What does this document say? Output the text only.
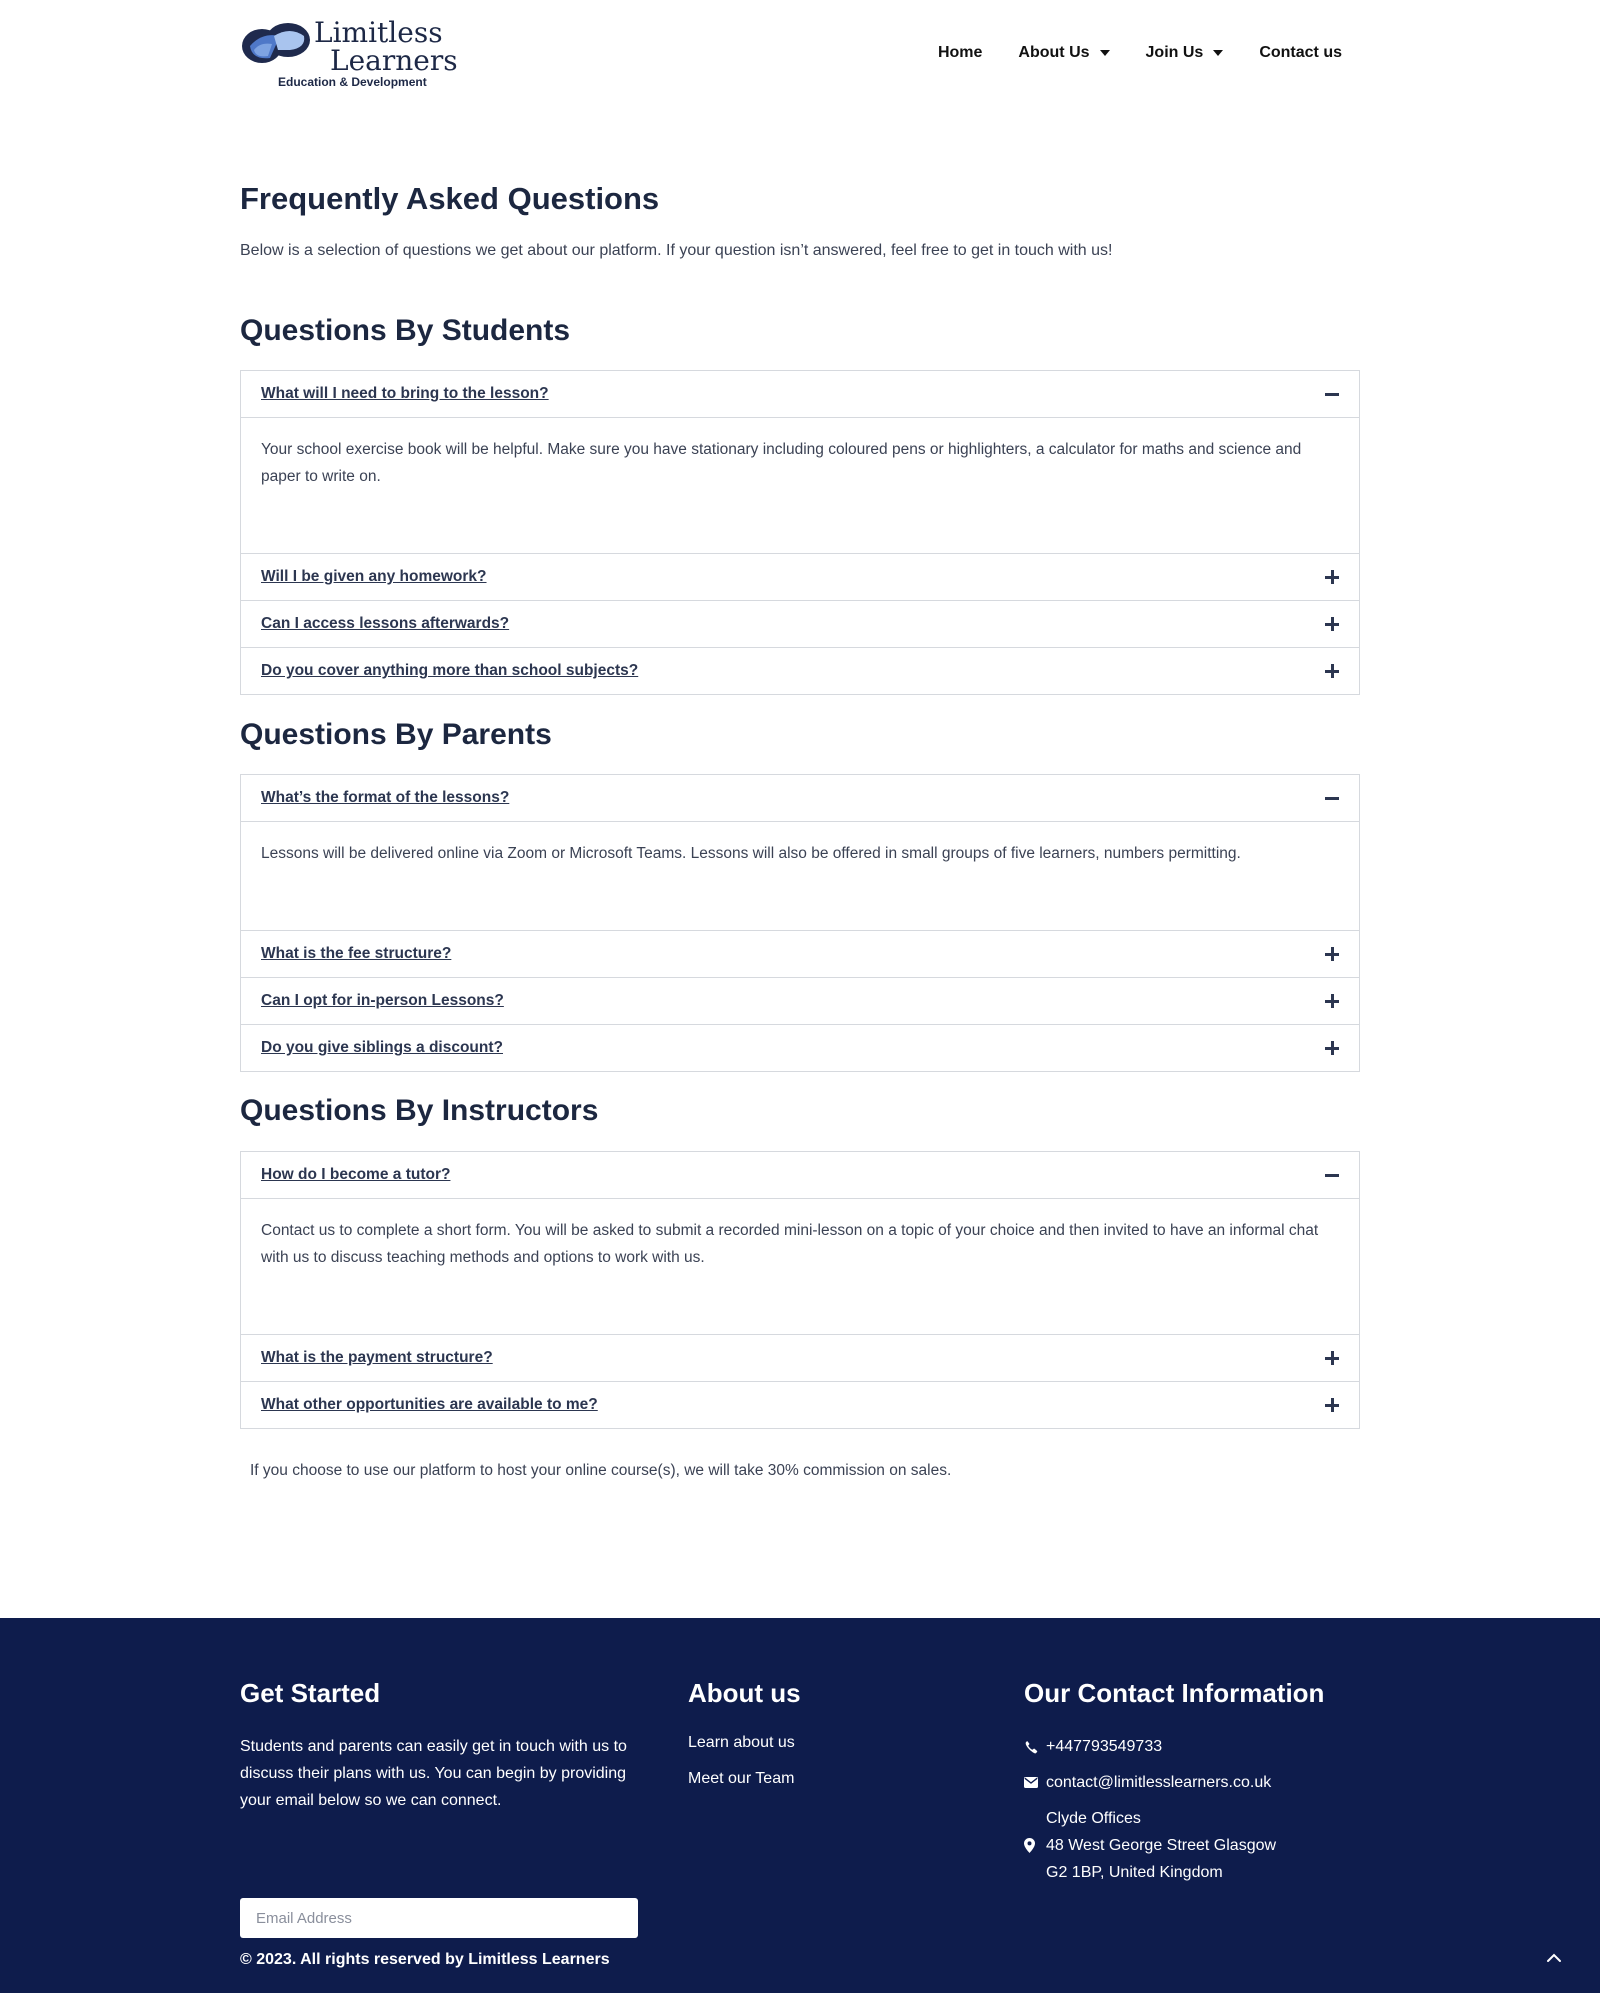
Limitless
Learners
Education & Development
Home About Us	Join Us	Contact us
Frequently Asked Questions

Below is a selection of questions we get about our platform. If your question isn’t answered, feel free to get in touch with us!

Questions By Students
What will I need to bring to the lesson?
Your school exercise book will be helpful. Make sure you have stationary including coloured pens or highlighters, a calculator for maths and science and paper to write on.
Will I be given any homework?
Can I access lessons afterwards?
Do you cover anything more than school subjects?
Questions By Parents
What’s the format of the lessons?
Lessons will be delivered online via Zoom or Microsoft Teams. Lessons will also be offered in small groups of five learners, numbers permitting.
What is the fee structure?
Can I opt for in-person Lessons?
Do you give siblings a discount?
Questions By Instructors
How do I become a tutor?
Contact us to complete a short form. You will be asked to submit a recorded mini-lesson on a topic of your choice and then invited to have an informal chat with us to discuss teaching methods and options to work with us.
What is the payment structure?
What other opportunities are available to me?

If you choose to use our platform to host your online course(s), we will take 30% commission on sales.

Get Started

Students and parents can easily get in touch with us to discuss their plans with us. You can begin by providing your email below so we can connect.

Email Address
About us
Learn about us
Meet our Team
Our Contact Information
+447793549733
contact@limitlesslearners.co.uk
Clyde Offices
48 West George Street Glasgow
G2 1BP, United Kingdom
© 2023. All rights reserved by Limitless Learners
